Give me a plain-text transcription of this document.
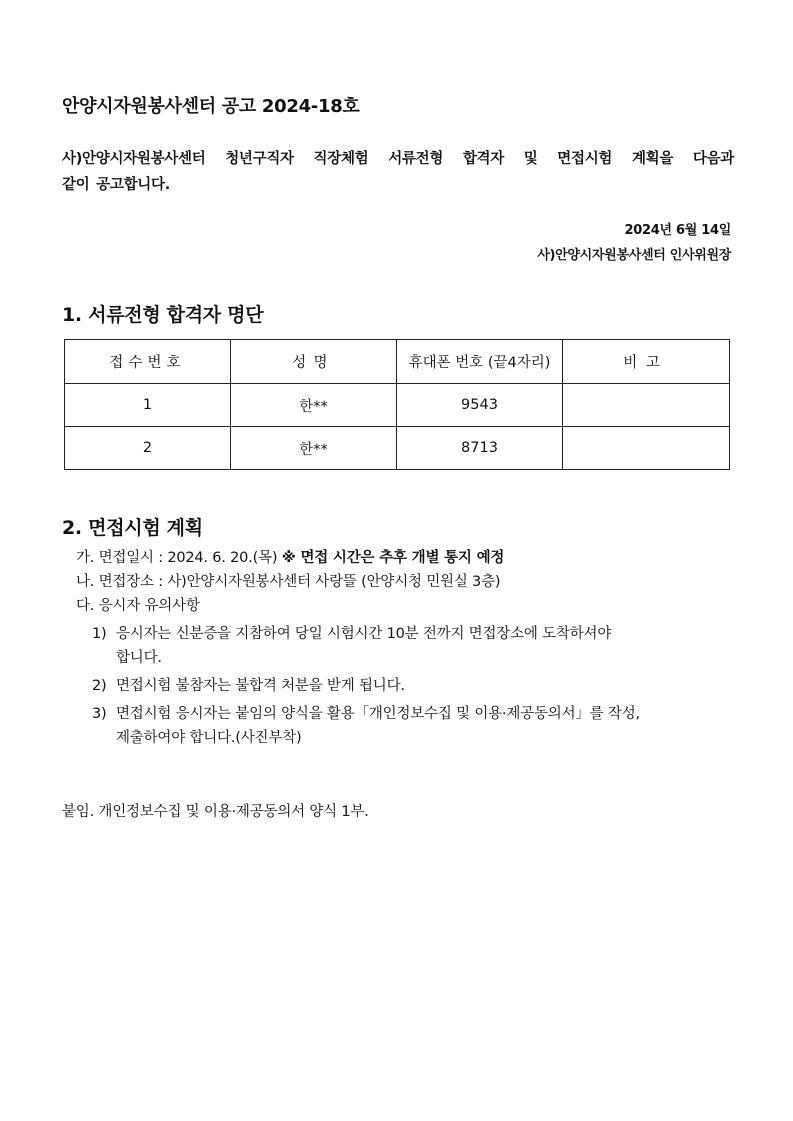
안양시자원봉사센터 공고 2024-18호
사)안양시자원봉사센터 청년구직자 직장체험 서류전형 합격자 및 면접시험 계획을 다음과
같이 공고합니다.
2024년 6월 14일
사)안양시자원봉사센터 인사위원장
1. 서류전형 합격자 명단
접수번호	성명	휴대폰 번호 (끝4자리)	비고
1	한**	9543	
2	한**	8713	
2. 면접시험 계획
가. 면접일시 : 2024. 6. 20.(목) ※ 면접 시간은 추후 개별 통지 예정
나. 면접장소 : 사)안양시자원봉사센터 사랑뜰 (안양시청 민원실 3층)
다. 응시자 유의사항
1) 응시자는 신분증을 지참하여 당일 시험시간 10분 전까지 면접장소에 도착하셔야
합니다.
2) 면접시험 불참자는 불합격 처분을 받게 됩니다.
3) 면접시험 응시자는 붙임의 양식을 활용「개인정보수집 및 이용·제공동의서」를 작성,
제출하여야 합니다.(사진부착)
붙임. 개인정보수집 및 이용·제공동의서 양식 1부.
